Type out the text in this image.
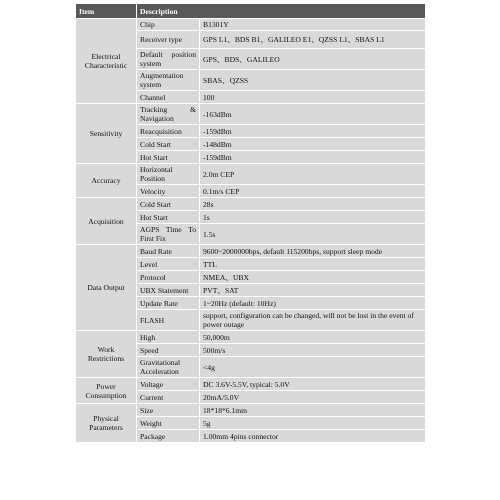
Item	Description	
Electrical Characteristic	Chip	B1301Y
	Receiver type	GPS L1、BDS B1、GALILEO E1、QZSS L1、SBAS L1
	Default position system	GPS、BDS、GALILEO
	Augmentation system	SBAS、QZSS
	Channel	100
Sensitivity	Tracking & Navigation	-163dBm
	Reacquisition	-159dBm
	Cold Start	-148dBm
	Hot Start	-159dBm
Accuracy	Horizontal Position	2.0m CEP
	Velocity	0.1m/s CEP
Acquisition	Cold Start	28s
	Hot Start	1s
	AGPS Time To First Fix	1.5s
Data Output	Baud Rate	9600~2000000bps, default 115200bps, support sleep mode
	Level	TTL
	Protocol	NMEA、UBX
	UBX Statement	PVT、SAT
	Update Rate	1~20Hz (default: 10Hz)
	FLASH	support, configuration can be changed, will not be lost in the event of power outage
Work Restrictions	High	50,000m
	Speed	500m/s
	Gravitational Acceleration	<4g
Power Consumption	Voltage	DC 3.6V-5.5V, typical: 5.0V
	Current	20mA/5.0V
Physical Parameters	Size	18*18*6.1mm
	Weight	5g
	Package	1.00mm 4pins connector
